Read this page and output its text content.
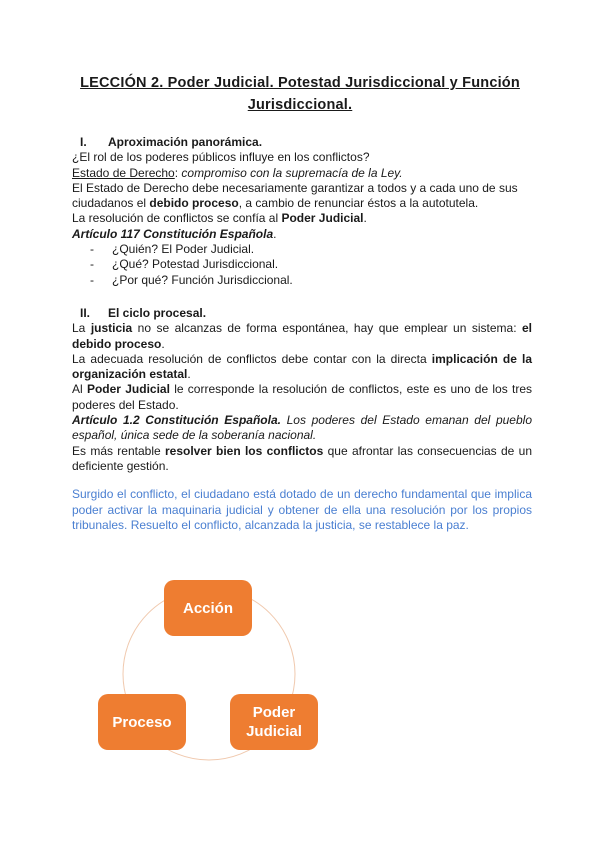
LECCIÓN 2. Poder Judicial. Potestad Jurisdiccional y Función
Jurisdiccional.

I. Aproximación panorámica.

¿El rol de los poderes públicos influye en los conflictos?

Estado de Derecho: compromiso con la supremacía de la Ley.

El Estado de Derecho debe necesariamente garantizar a todos y a cada uno de sus ciudadanos el debido proceso, a cambio de renunciar éstos a la autotutela.

La resolución de conflictos se confía al Poder Judicial.

Artículo 117 Constitución Española.

- ¿Quién? El Poder Judicial.

- ¿Qué? Potestad Jurisdiccional.

- ¿Por qué? Función Jurisdiccional.

II. El ciclo procesal.

La justicia no se alcanzas de forma espontánea, hay que emplear un sistema: el debido proceso.

La adecuada resolución de conflictos debe contar con la directa implicación de la organización estatal.

Al Poder Judicial le corresponde la resolución de conflictos, este es uno de los tres poderes del Estado.

Artículo 1.2 Constitución Española. Los poderes del Estado emanan del pueblo español, única sede de la soberanía nacional.

Es más rentable resolver bien los conflictos que afrontar las consecuencias de un deficiente gestión.

Surgido el conflicto, el ciudadano está dotado de un derecho fundamental que implica poder activar la maquinaria judicial y obtener de ella una resolución por los propios tribunales. Resuelto el conflicto, alcanzada la justicia, se restablece la paz.

Acción
Poder
Judicial
Proceso
